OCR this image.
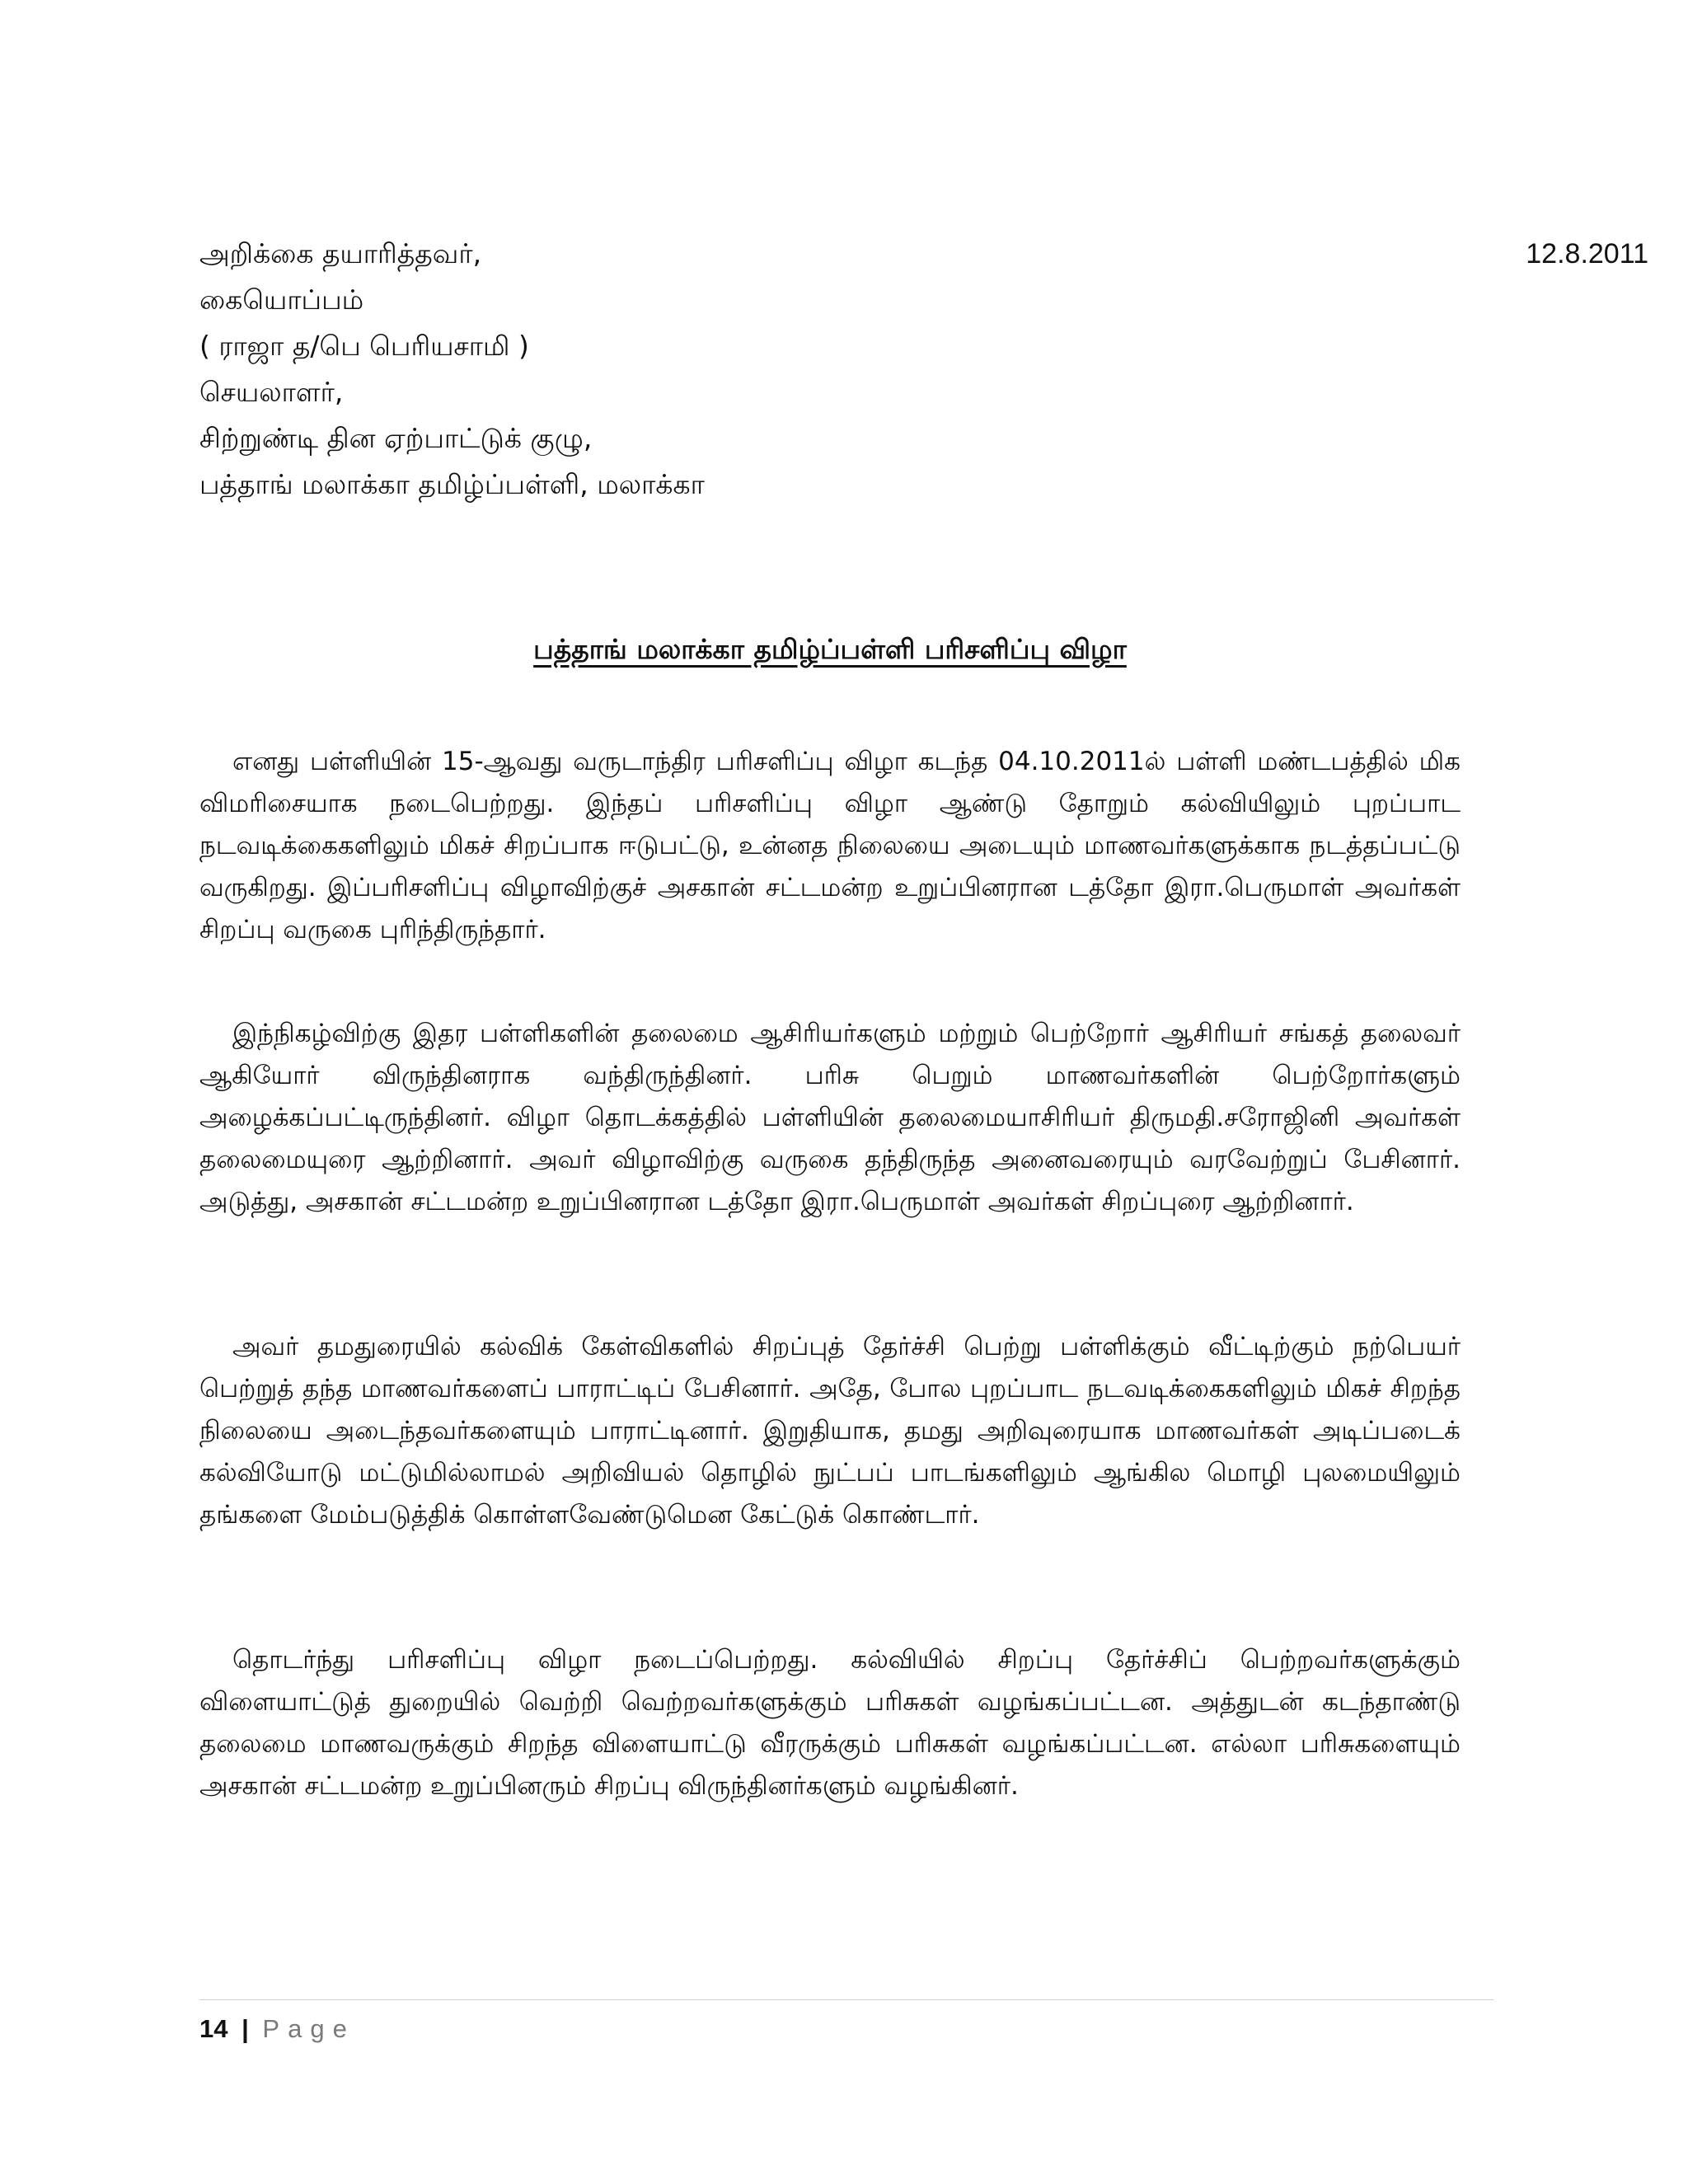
அறிக்கை தயாரித்தவர்,	12.8.2011
கையொப்பம்
( ராஜா த/பெ பெரியசாமி )
செயலாளர்,
சிற்றுண்டி தின ஏற்பாட்டுக் குழு,
பத்தாங் மலாக்கா தமிழ்ப்பள்ளி, மலாக்கா
பத்தாங் மலாக்கா தமிழ்ப்பள்ளி பரிசளிப்பு விழா

எனது பள்ளியின் 15-ஆவது வருடாந்திர பரிசளிப்பு விழா கடந்த 04.10.2011ல் பள்ளி மண்டபத்தில் மிக விமரிசையாக நடைபெற்றது. இந்தப் பரிசளிப்பு விழா ஆண்டு தோறும் கல்வியிலும் புறப்பாட நடவடிக்கைகளிலும் மிகச் சிறப்பாக ஈடுபட்டு, உன்னத நிலையை அடையும் மாணவர்களுக்காக நடத்தப்பட்டு வருகிறது. இப்பரிசளிப்பு விழாவிற்குச் அசகான் சட்டமன்ற உறுப்பினரான டத்தோ இரா.பெருமாள் அவர்கள் சிறப்பு வருகை புரிந்திருந்தார்.

இந்நிகழ்விற்கு இதர பள்ளிகளின் தலைமை ஆசிரியர்களும் மற்றும் பெற்றோர் ஆசிரியர் சங்கத் தலைவர் ஆகியோர் விருந்தினராக வந்திருந்தினர். பரிசு பெறும் மாணவர்களின் பெற்றோர்களும் அழைக்கப்பட்டிருந்தினர். விழா தொடக்கத்தில் பள்ளியின் தலைமையாசிரியர் திருமதி.சரோஜினி அவர்கள் தலைமையுரை ஆற்றினார். அவர் விழாவிற்கு வருகை தந்திருந்த அனைவரையும் வரவேற்றுப் பேசினார். அடுத்து, அசகான் சட்டமன்ற உறுப்பினரான டத்தோ இரா.பெருமாள் அவர்கள் சிறப்புரை ஆற்றினார்.

அவர் தமதுரையில் கல்விக் கேள்விகளில் சிறப்புத் தேர்ச்சி பெற்று பள்ளிக்கும் வீட்டிற்கும் நற்பெயர் பெற்றுத் தந்த மாணவர்களைப் பாராட்டிப் பேசினார். அதே, போல புறப்பாட நடவடிக்கைகளிலும் மிகச் சிறந்த நிலையை அடைந்தவர்களையும் பாராட்டினார். இறுதியாக, தமது அறிவுரையாக மாணவர்கள் அடிப்படைக் கல்வியோடு மட்டுமில்லாமல் அறிவியல் தொழில் நுட்பப் பாடங்களிலும் ஆங்கில மொழி புலமையிலும் தங்களை மேம்படுத்திக் கொள்ளவேண்டுமென கேட்டுக் கொண்டார்.

தொடர்ந்து பரிசளிப்பு விழா நடைப்பெற்றது. கல்வியில் சிறப்பு தேர்ச்சிப் பெற்றவர்களுக்கும் விளையாட்டுத் துறையில் வெற்றி வெற்றவர்களுக்கும் பரிசுகள் வழங்கப்பட்டன. அத்துடன் கடந்தாண்டு தலைமை மாணவருக்கும் சிறந்த விளையாட்டு வீரருக்கும் பரிசுகள் வழங்கப்பட்டன. எல்லா பரிசுகளையும் அசகான் சட்டமன்ற உறுப்பினரும் சிறப்பு விருந்தினர்களும் வழங்கினர்.

14 | Page
